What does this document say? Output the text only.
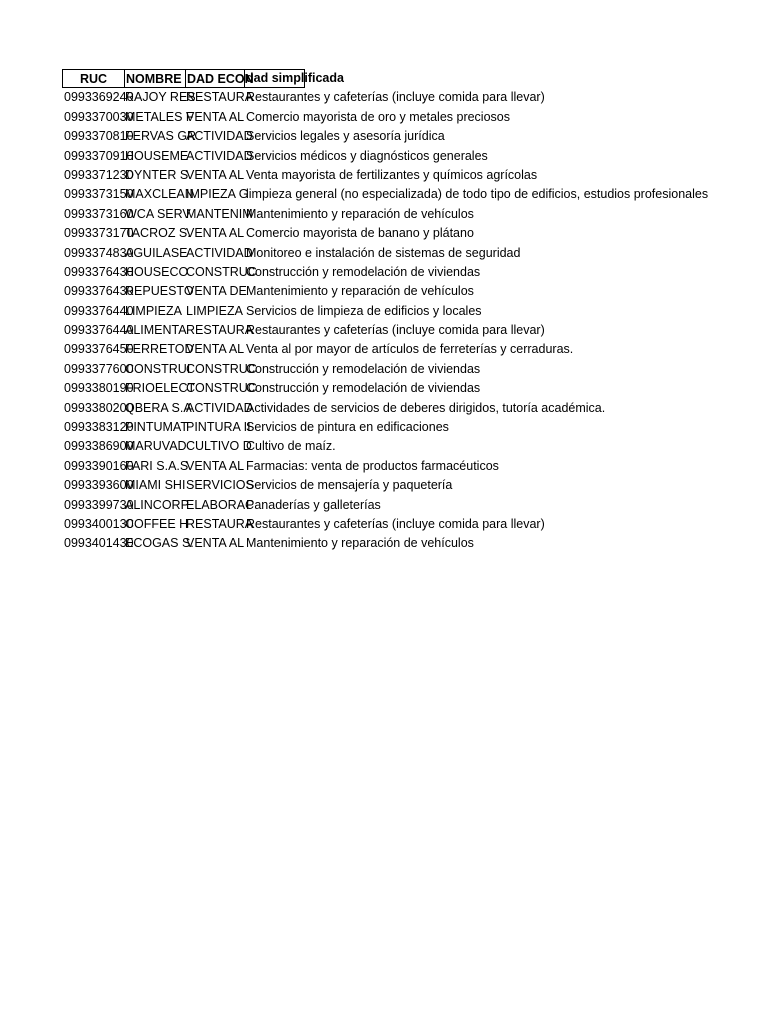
RUC	NOMBRE DAD ECON
dad simplificada
0993369240
RAJOY RES
RESTAURA
Restaurantes y cafeterías (incluye comida para llevar)
0993370030
METALES F
VENTA AL Comercio mayorista de oro y metales preciosos
0993370810
FERVAS GR
ACTIVIDAD
Servicios legales y asesoría jurídica
0993370910
HOUSEME
ACTIVIDAD
Servicios médicos y diagnósticos generales
0993371230
DYNTER S.
VENTA AL Venta mayorista de fertilizantes y químicos agrícolas
0993373150
MAXCLEAN
IMPIEZA G
limpieza general (no especializada) de todo tipo de edificios, estudios profesionales
0993373160
WCA SERV
MANTENIM
Mantenimiento y reparación de vehículos
0993373170
TACROZ S.
VENTA AL Comercio mayorista de banano y plátano
0993374830
AGUILASE
ACTIVIDAD
Monitoreo e instalación de sistemas de seguridad
0993376430
HOUSECO
CONSTRUC
Construcción y remodelación de viviendas
0993376430
REPUESTO
VENTA DE Mantenimiento y reparación de vehículos
0993376440
LIMPIEZA LIMPIEZA Servicios de limpieza de edificios y locales
0993376440
ALIMENTA RESTAURA
Restaurantes y cafeterías (incluye comida para llevar)
0993376450
FERRETOD
VENTA AL Venta al por mayor de artículos de ferreterías y cerraduras.
0993377600
CONSTRUI
CONSTRUC
Construcción y remodelación de viviendas
0993380190
FRIOELECT
CONSTRUC
Construcción y remodelación de viviendas
0993380200
QBERA S.A
ACTIVIDAD
Actividades de servicios de deberes dirigidos, tutoría académica.
0993383120
PINTUMAT
PINTURA II
Servicios de pintura en edificaciones
0993386900
MARUVAD CULTIVO D
Cultivo de maíz.
0993390160
FARI S.A.S
VENTA AL Farmacias: venta de productos farmacéuticos
0993393600
MIAMI SHI SERVICIOS
Servicios de mensajería y paquetería
0993399730
ALINCORP
ELABORAC
Panaderías y galleterías
0993400130
COFFEE H
RESTAURA
Restaurantes y cafeterías (incluye comida para llevar)
0993401430
ECOGAS S.
VENTA AL Mantenimiento y reparación de vehículos
